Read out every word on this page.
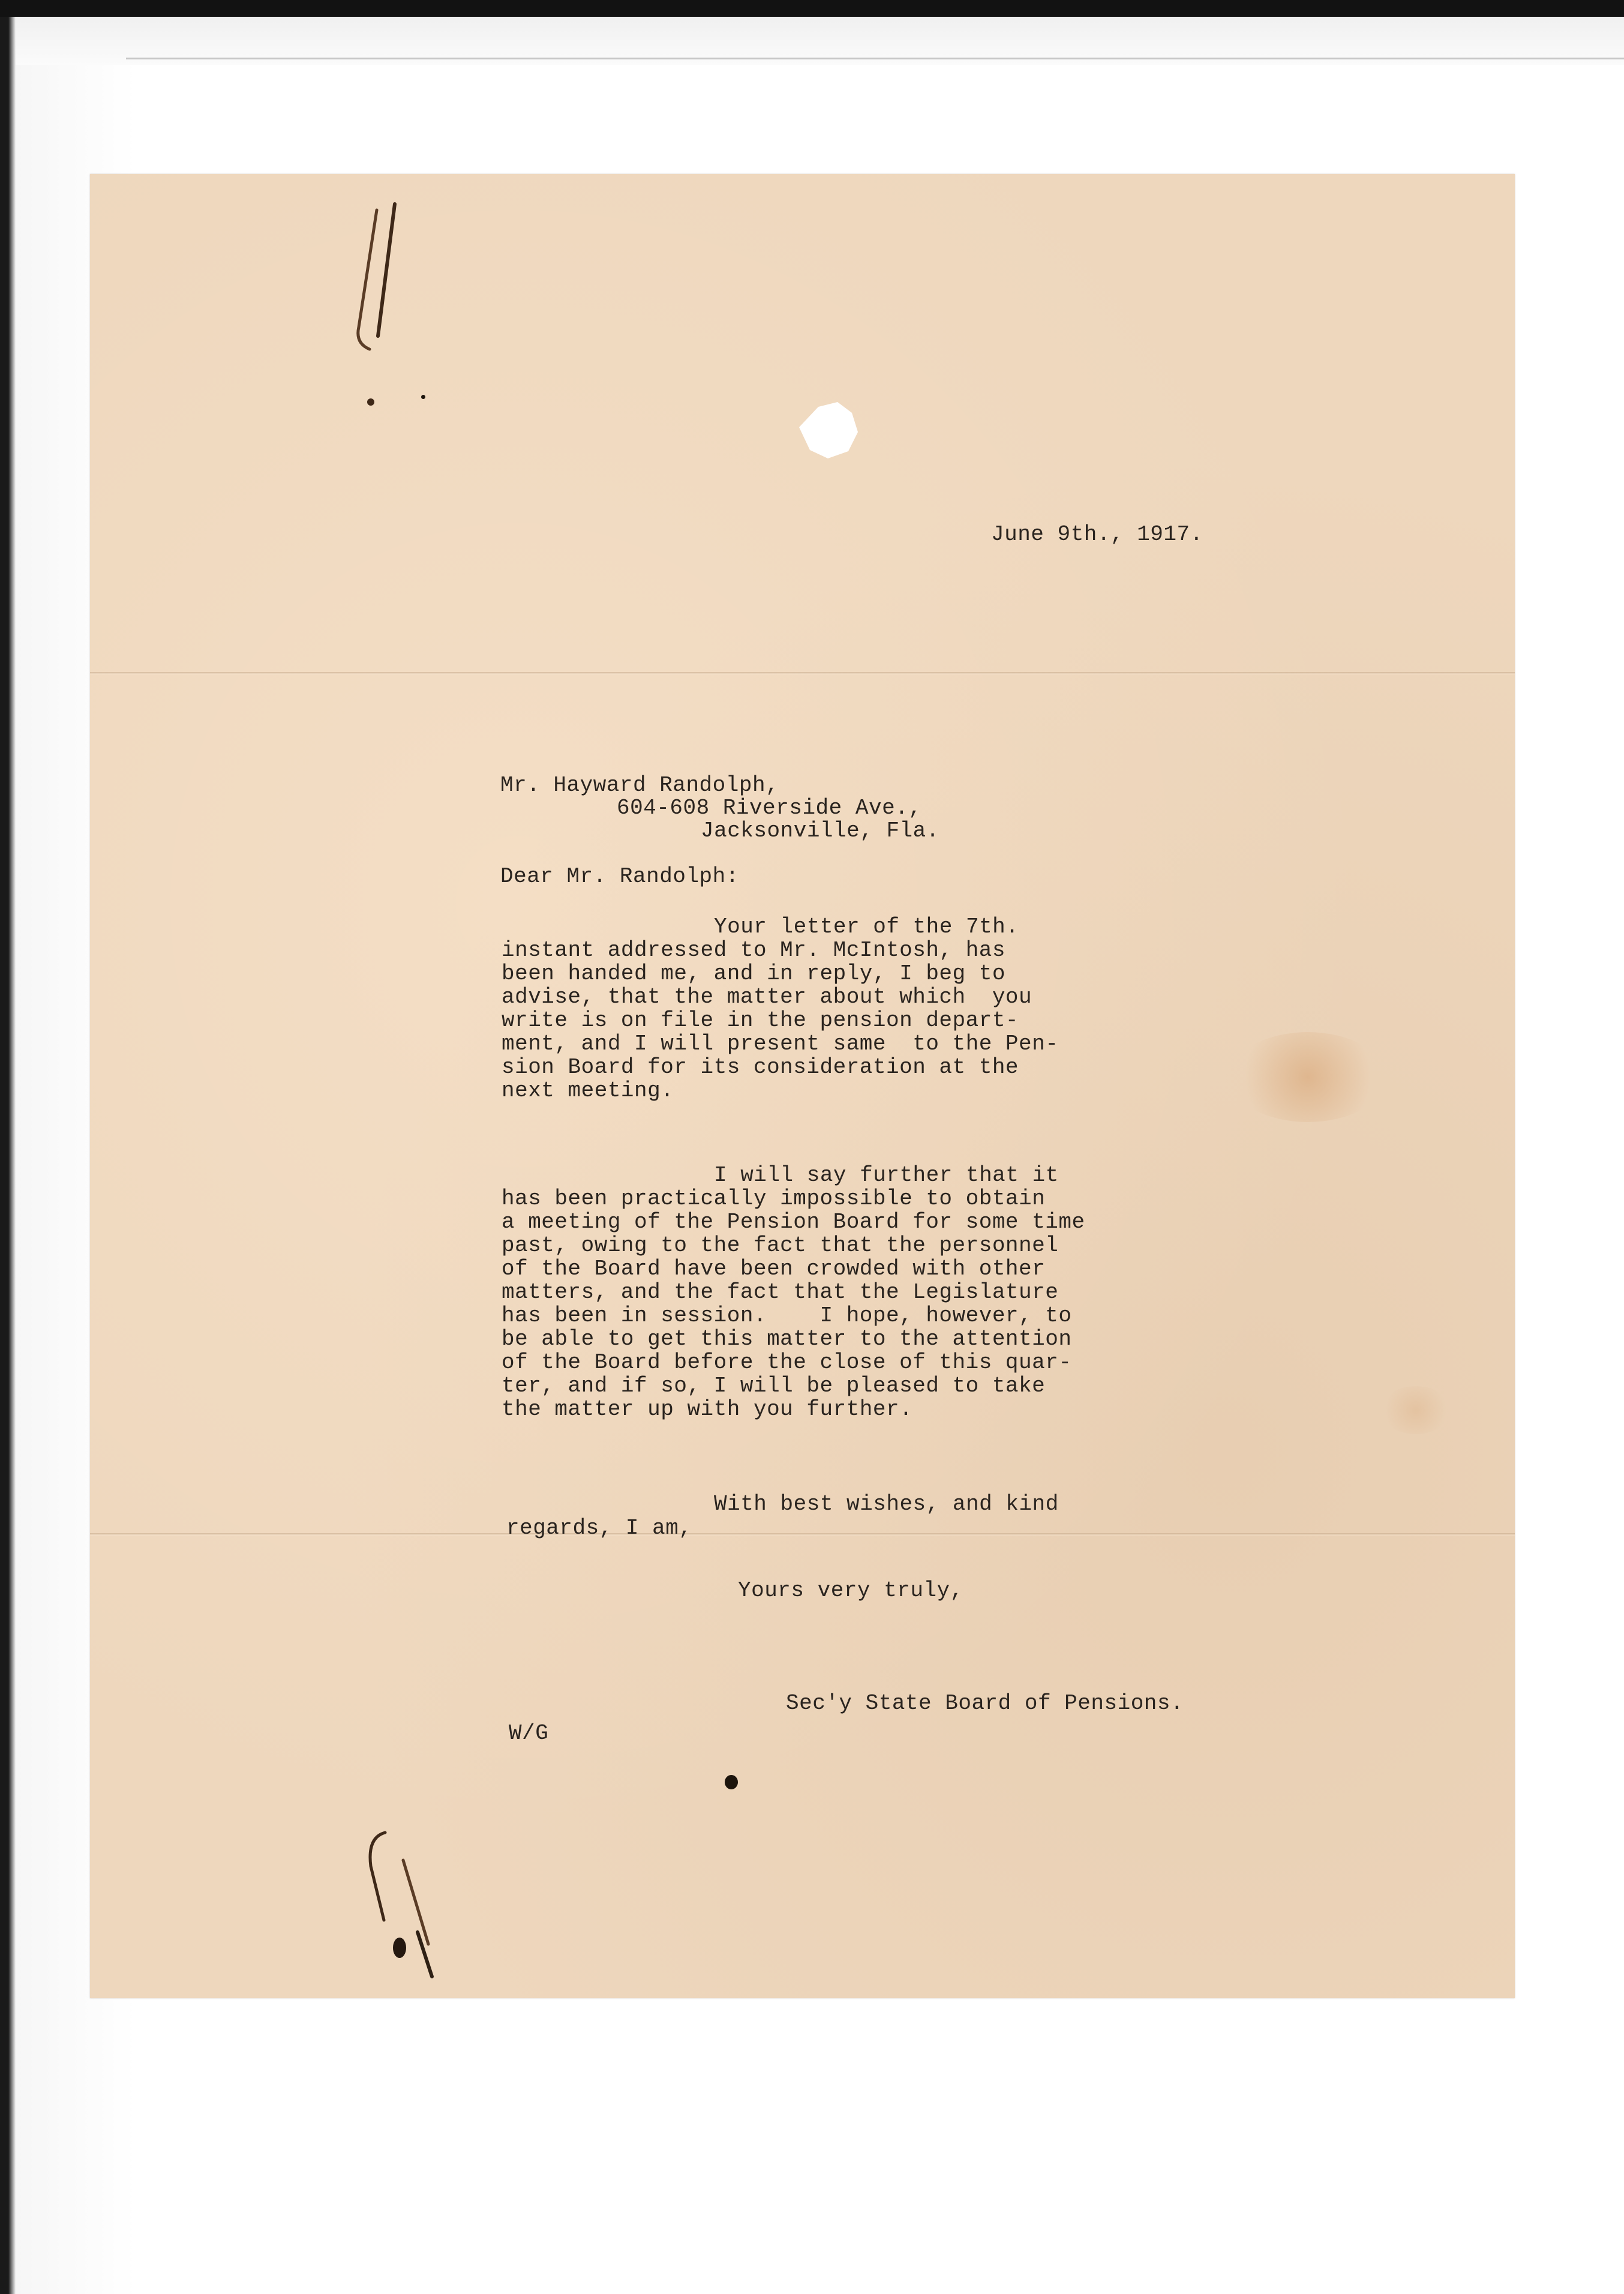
June 9th., 1917.

Mr. Hayward Randolph,

604-608 Riverside Ave.,

Jacksonville, Fla.

Dear Mr. Randolph:

Your letter of the 7th.

instant addressed to Mr. McIntosh, has

been handed me, and in reply, I beg to

advise, that the matter about which  you

write is on file in the pension depart-

ment, and I will present same  to the Pen-

sion Board for its consideration at the

next meeting.

I will say further that it

has been practically impossible to obtain

a meeting of the Pension Board for some time

past, owing to the fact that the personnel

of the Board have been crowded with other

matters, and the fact that the Legislature

has been in session.    I hope, however, to

be able to get this matter to the attention

of the Board before the close of this quar-

ter, and if so, I will be pleased to take

the matter up with you further.

With best wishes, and kind

regards, I am,

Yours very truly,

Sec'y State Board of Pensions.

W/G
